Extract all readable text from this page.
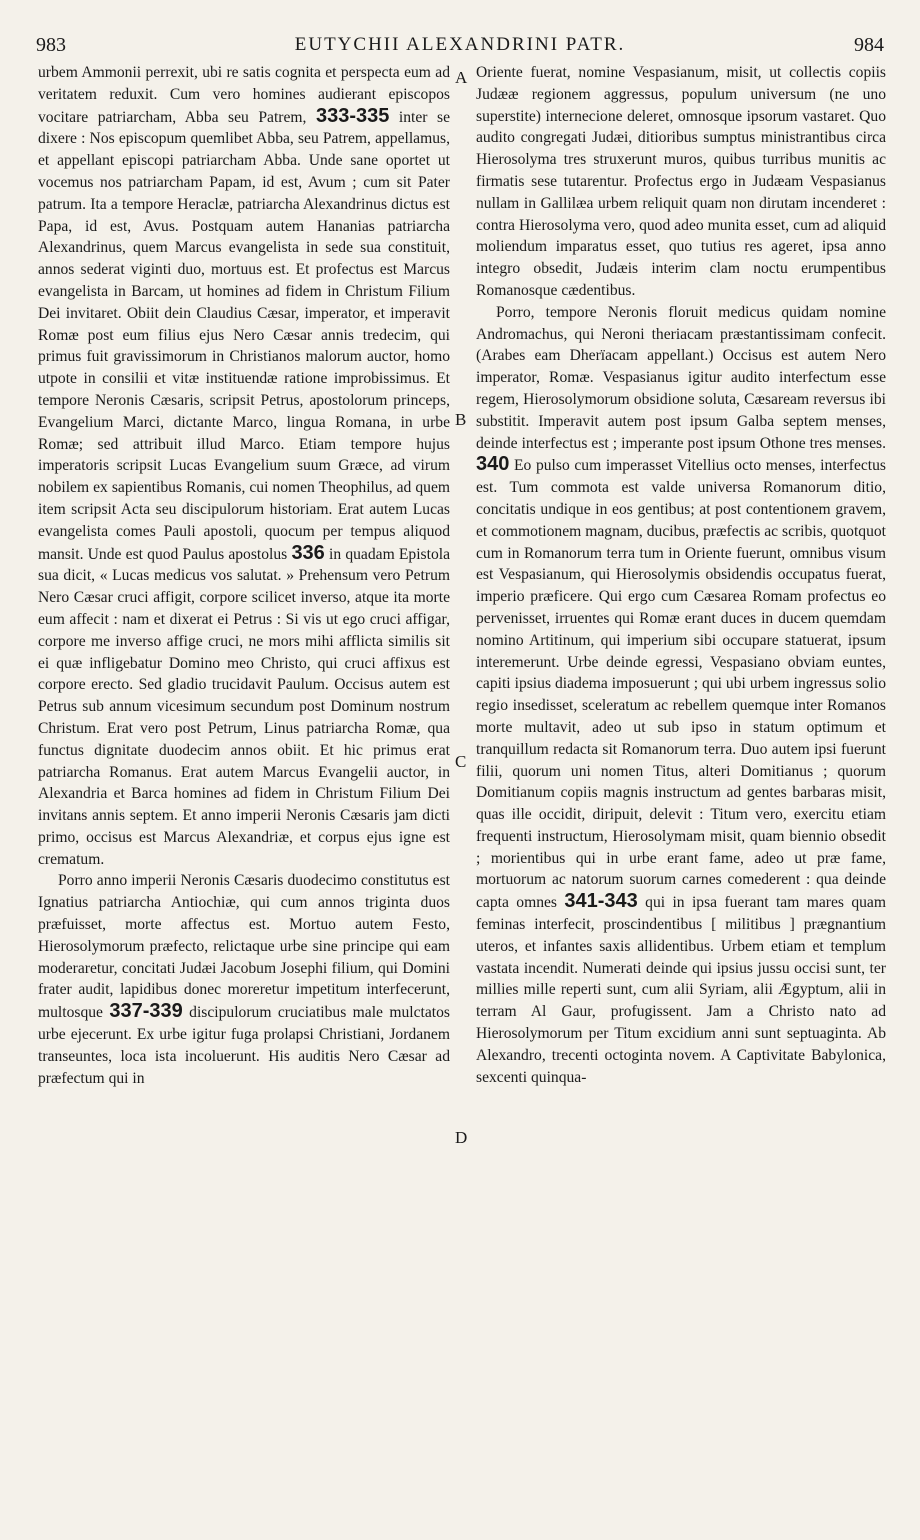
983	EUTYCHII ALEXANDRINI PATR.	984

urbem Ammonii perrexit, ubi re satis cognita et perspecta eum ad veritatem reduxit. Cum vero homines audierant episcopos vocitare patriarcham, Abba seu Patrem, 333-335 inter se dixere : Nos episcopum quemlibet Abba, seu Patrem, appellamus, et appellant episcopi patriarcham Abba. Unde sane oportet ut vocemus nos patriarcham Papam, id est, Avum ; cum sit Pater patrum. Ita a tempore Heraclæ, patriarcha Alexandrinus dictus est Papa, id est, Avus. Postquam autem Hananias patriarcha Alexandrinus, quem Marcus evangelista in sede sua constituit, annos sederat viginti duo, mortuus est. Et profectus est Marcus evangelista in Barcam, ut homines ad fidem in Christum Filium Dei invitaret. Obiit dein Claudius Cæsar, imperator, et imperavit Romæ post eum filius ejus Nero Cæsar annis tredecim, qui primus fuit gravissimorum in Christianos malorum auctor, homo utpote in consilii et vitæ instituendæ ratione improbissimus. Et tempore Neronis Cæsaris, scripsit Petrus, apostolorum princeps, Evangelium Marci, dictante Marco, lingua Romana, in urbe Romæ; sed attribuit illud Marco. Etiam tempore hujus imperatoris scripsit Lucas Evangelium suum Græce, ad virum nobilem ex sapientibus Romanis, cui nomen Theophilus, ad quem item scripsit Acta seu discipulorum historiam. Erat autem Lucas evangelista comes Pauli apostoli, quocum per tempus aliquod mansit. Unde est quod Paulus apostolus 336 in quadam Epistola sua dicit, « Lucas medicus vos salutat. » Prehensum vero Petrum Nero Cæsar cruci affigit, corpore scilicet inverso, atque ita morte eum affecit : nam et dixerat ei Petrus : Si vis ut ego cruci affigar, corpore me inverso affige cruci, ne mors mihi afflicta similis sit ei quæ infligebatur Domino meo Christo, qui cruci affixus est corpore erecto. Sed gladio trucidavit Paulum. Occisus autem est Petrus sub annum vicesimum secundum post Dominum nostrum Christum. Erat vero post Petrum, Linus patriarcha Romæ, qua functus dignitate duodecim annos obiit. Et hic primus erat patriarcha Romanus. Erat autem Marcus Evangelii auctor, in Alexandria et Barca homines ad fidem in Christum Filium Dei invitans annis septem. Et anno imperii Neronis Cæsaris jam dicti primo, occisus est Marcus Alexandriæ, et corpus ejus igne est crematum.

Porro anno imperii Neronis Cæsaris duodecimo constitutus est Ignatius patriarcha Antiochiæ, qui cum annos triginta duos præfuisset, morte affectus est. Mortuo autem Festo, Hierosolymorum præfecto, relictaque urbe sine principe qui eam moderaretur, concitati Judæi Jacobum Josephi filium, qui Domini frater audit, lapidibus donec moreretur impetitum interfecerunt, multosque 337-339 discipulorum cruciatibus male mulctatos urbe ejecerunt. Ex urbe igitur fuga prolapsi Christiani, Jordanem transeuntes, loca ista incoluerunt. His auditis Nero Cæsar ad præfectum qui in

Oriente fuerat, nomine Vespasianum, misit, ut collectis copiis Judææ regionem aggressus, populum universum (ne uno superstite) internecione deleret, omnosque ipsorum vastaret. Quo audito congregati Judæi, ditioribus sumptus ministrantibus circa Hierosolyma tres struxerunt muros, quibus turribus munitis ac firmatis sese tutarentur. Profectus ergo in Judæam Vespasianus nullam in Gallilæa urbem reliquit quam non dirutam incenderet : contra Hierosolyma vero, quod adeo munita esset, cum ad aliquid moliendum imparatus esset, quo tutius res ageret, ipsa anno integro obsedit, Judæis interim clam noctu erumpentibus Romanosque cædentibus.

Porro, tempore Neronis floruit medicus quidam nomine Andromachus, qui Neroni theriacam præstantissimam confecit. (Arabes eam Dherïacam appellant.) Occisus est autem Nero imperator, Romæ. Vespasianus igitur audito interfectum esse regem, Hierosolymorum obsidione soluta, Cæsaream reversus ibi substitit. Imperavit autem post ipsum Galba septem menses, deinde interfectus est ; imperante post ipsum Othone tres menses. 340 Eo pulso cum imperasset Vitellius octo menses, interfectus est. Tum commota est valde universa Romanorum ditio, concitatis undique in eos gentibus; at post contentionem gravem, et commotionem magnam, ducibus, præfectis ac scribis, quotquot cum in Romanorum terra tum in Oriente fuerunt, omnibus visum est Vespasianum, qui Hierosolymis obsidendis occupatus fuerat, imperio præficere. Qui ergo cum Cæsarea Romam profectus eo pervenisset, irruentes qui Romæ erant duces in ducem quemdam nomino Artitinum, qui imperium sibi occupare statuerat, ipsum interemerunt. Urbe deinde egressi, Vespasiano obviam euntes, capiti ipsius diadema imposuerunt ; qui ubi urbem ingressus solio regio insedisset, sceleratum ac rebellem quemque inter Romanos morte multavit, adeo ut sub ipso in statum optimum et tranquillum redacta sit Romanorum terra. Duo autem ipsi fuerunt filii, quorum uni nomen Titus, alteri Domitianus ; quorum Domitianum copiis magnis instructum ad gentes barbaras misit, quas ille occidit, diripuit, delevit : Titum vero, exercitu etiam frequenti instructum, Hierosolymam misit, quam biennio obsedit ; morientibus qui in urbe erant fame, adeo ut præ fame, mortuorum ac natorum suorum carnes comederent : qua deinde capta omnes 341-343 qui in ipsa fuerant tam mares quam feminas interfecit, proscindentibus [ militibus ] prægnantium uteros, et infantes saxis allidentibus. Urbem etiam et templum vastata incendit. Numerati deinde qui ipsius jussu occisi sunt, ter millies mille reperti sunt, cum alii Syriam, alii Ægyptum, alii in terram Al Gaur, profugissent. Jam a Christo nato ad Hierosolymorum per Titum excidium anni sunt septuaginta. Ab Alexandro, trecenti octoginta novem. A Captivitate Babylonica, sexcenti quinqua-

A
B
C
D
